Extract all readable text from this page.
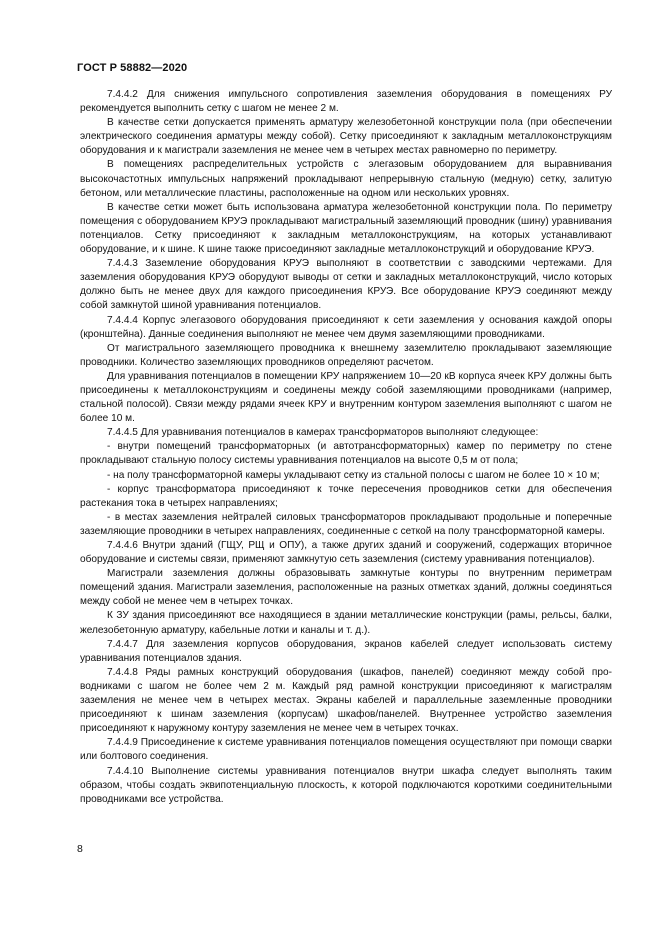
ГОСТ Р 58882—2020

7.4.4.2 Для снижения импульсного сопротивления заземления оборудования в помещениях РУ рекомендуется выполнить сетку с шагом не менее 2 м.

В качестве сетки допускается применять арматуру железобетонной конструкции пола (при обеспечении электрического соединения арматуры между собой). Сетку присоединяют к закладным металлоконструкциям оборудования и к магистрали заземления не менее чем в четырех местах равномерно по периметру.

В помещениях распределительных устройств с элегазовым оборудованием для выравнивания высокочастотных импульсных напряжений прокладывают непрерывную стальную (медную) сетку, залитую бетоном, или металлические пластины, расположенные на одном или нескольких уровнях.

В качестве сетки может быть использована арматура железобетонной конструкции пола. По периметру помещения с оборудованием КРУЭ прокладывают магистральный заземляющий проводник (шину) уравнивания потенциалов. Сетку присоединяют к закладным металлоконструкциям, на которых устанавливают оборудование, и к шине. К шине также присоединяют закладные металлоконструкций и оборудование КРУЭ.

7.4.4.3 Заземление оборудования КРУЭ выполняют в соответствии с заводскими чертежами. Для заземления оборудования КРУЭ оборудуют выводы от сетки и закладных металлоконструкций, число которых должно быть не менее двух для каждого присоединения КРУЭ. Все оборудование КРУЭ соединяют между собой замкнутой шиной уравнивания потенциалов.

7.4.4.4 Корпус элегазового оборудования присоединяют к сети заземления у основания каждой опоры (кронштейна). Данные соединения выполняют не менее чем двумя заземляющими проводниками.

От магистрального заземляющего проводника к внешнему заземлителю прокладывают заземляющие проводники. Количество заземляющих проводников определяют расчетом.

Для уравнивания потенциалов в помещении КРУ напряжением 10—20 кВ корпуса ячеек КРУ должны быть присоединены к металлоконструкциям и соединены между собой заземляющими проводниками (например, стальной полосой). Связи между рядами ячеек КРУ и внутренним контуром заземления выполняют с шагом не более 10 м.

7.4.4.5 Для уравнивания потенциалов в камерах трансформаторов выполняют следующее:

- внутри помещений трансформаторных (и автотрансформаторных) камер по периметру по стене прокладывают стальную полосу системы уравнивания потенциалов на высоте 0,5 м от пола;

- на полу трансформаторной камеры укладывают сетку из стальной полосы с шагом не более 10 × 10 м;

- корпус трансформатора присоединяют к точке пересечения проводников сетки для обеспечения растекания тока в четырех направлениях;

- в местах заземления нейтралей силовых трансформаторов прокладывают продольные и поперечные заземляющие проводники в четырех направлениях, соединенные с сеткой на полу трансформаторной камеры.

7.4.4.6 Внутри зданий (ГЩУ, РЩ и ОПУ), а также других зданий и сооружений, содержащих вторичное оборудование и системы связи, применяют замкнутую сеть заземления (систему уравнивания потенциалов).

Магистрали заземления должны образовывать замкнутые контуры по внутренним периметрам помещений здания. Магистрали заземления, расположенные на разных отметках зданий, должны соединяться между собой не менее чем в четырех точках.

К ЗУ здания присоединяют все находящиеся в здании металлические конструкции (рамы, рельсы, балки, железобетонную арматуру, кабельные лотки и каналы и т. д.).

7.4.4.7 Для заземления корпусов оборудования, экранов кабелей следует использовать систему уравнивания потенциалов здания.

7.4.4.8 Ряды рамных конструкций оборудования (шкафов, панелей) соединяют между собой проводниками с шагом не более чем 2 м. Каждый ряд рамной конструкции присоединяют к магистралям заземления не менее чем в четырех местах. Экраны кабелей и параллельные заземленные проводники присоединяют к шинам заземления (корпусам) шкафов/панелей. Внутреннее устройство заземления присоединяют к наружному контуру заземления не менее чем в четырех точках.

7.4.4.9 Присоединение к системе уравнивания потенциалов помещения осуществляют при помощи сварки или болтового соединения.

7.4.4.10 Выполнение системы уравнивания потенциалов внутри шкафа следует выполнять таким образом, чтобы создать эквипотенциальную плоскость, к которой подключаются короткими соединительными проводниками все устройства.

8
